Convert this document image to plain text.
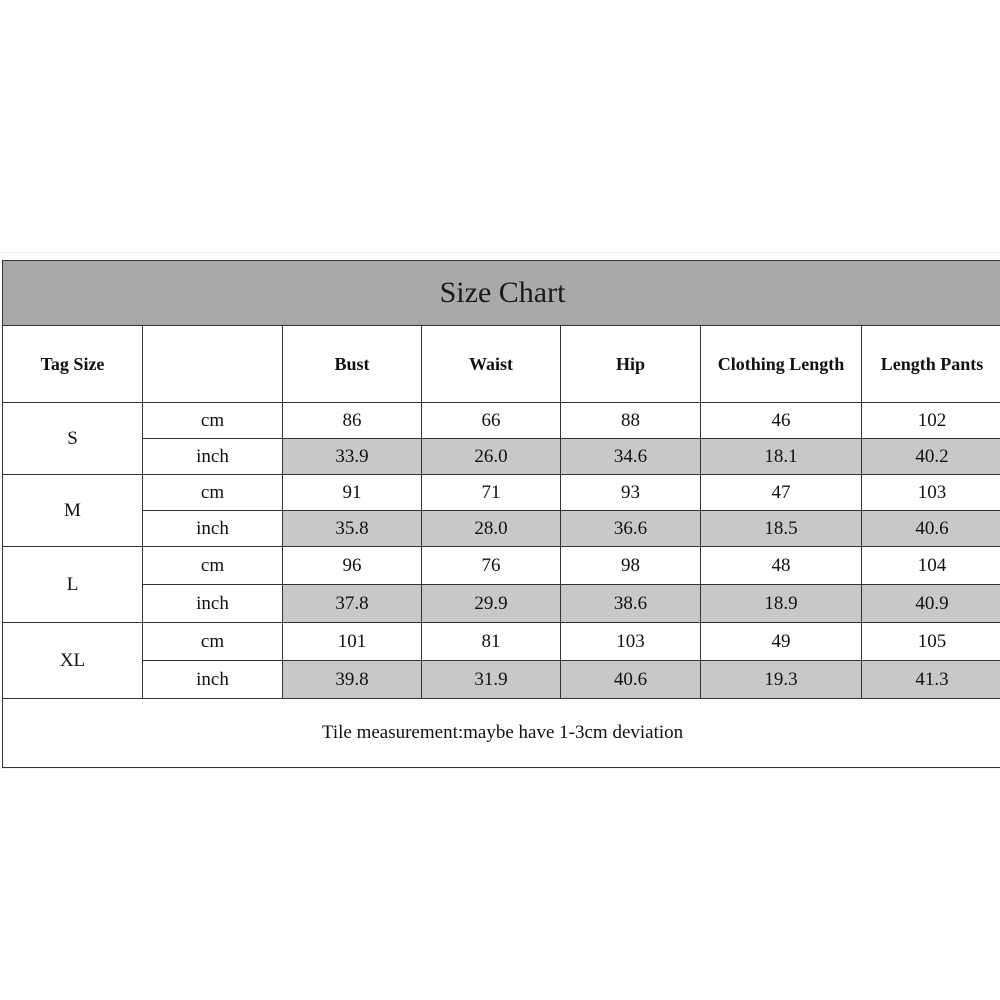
Size Chart						
Tag Size		Bust	Waist	Hip	Clothing Length	Length Pants
S	cm	86	66	88	46	102
	inch	33.9	26.0	34.6	18.1	40.2
M	cm	91	71	93	47	103
	inch	35.8	28.0	36.6	18.5	40.6
L	cm	96	76	98	48	104
	inch	37.8	29.9	38.6	18.9	40.9
XL	cm	101	81	103	49	105
	inch	39.8	31.9	40.6	19.3	41.3
Tile measurement:maybe have 1-3cm deviation						
